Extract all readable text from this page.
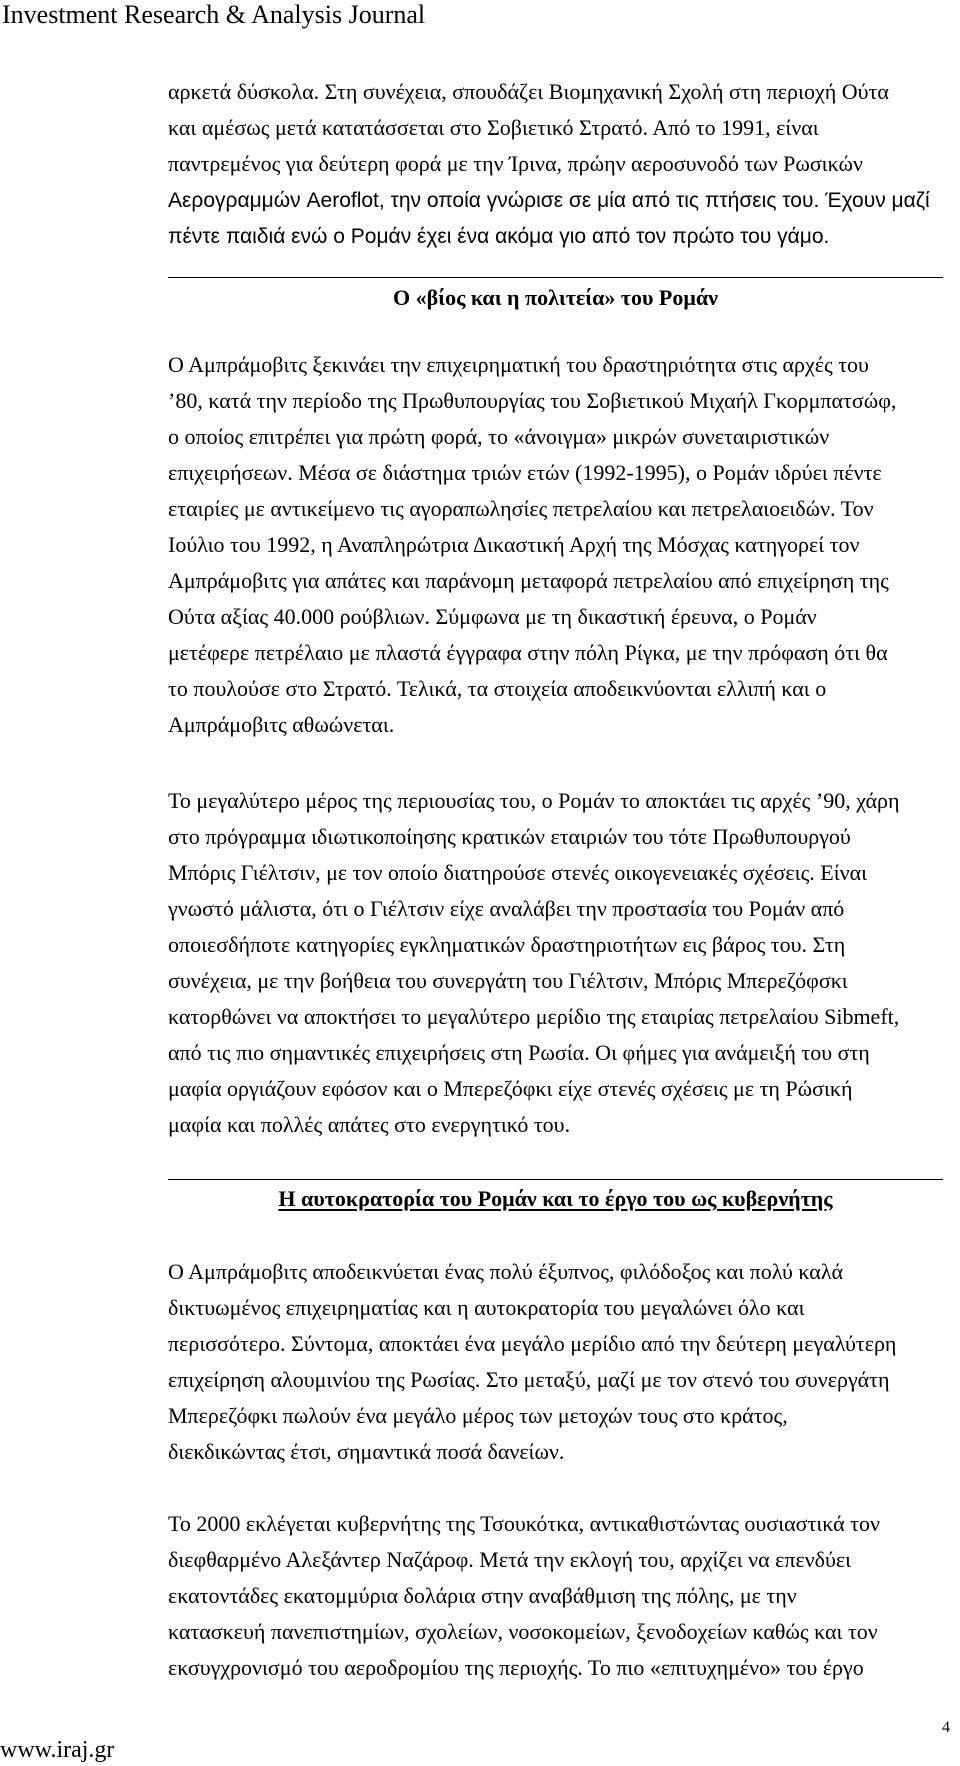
Investment Research & Analysis Journal
αρκετά δύσκολα. Στη συνέχεια, σπουδάζει Βιομηχανική Σχολή στη περιοχή Ούτα
και αμέσως μετά κατατάσσεται στο Σοβιετικό Στρατό. Από το 1991, είναι
παντρεμένος για δεύτερη φορά με την Ίρινα, πρώην αεροσυνοδό των Ρωσικών
Αερογραμμών Aeroflot, την οποία γνώρισε σε μία από τις πτήσεις του. Έχουν μαζί
πέντε παιδιά ενώ ο Ρομάν έχει ένα ακόμα γιο από τον πρώτο του γάμο.
Ο «βίος και η πολιτεία» του Ρομάν
Ο Αμπράμοβιτς ξεκινάει την επιχειρηματική του δραστηριότητα στις αρχές του
’80, κατά την περίοδο της Πρωθυπουργίας του Σοβιετικού Μιχαήλ Γκορμπατσώφ,
ο οποίος επιτρέπει για πρώτη φορά, το «άνοιγμα» μικρών συνεταιριστικών
επιχειρήσεων. Μέσα σε διάστημα τριών ετών (1992-1995), ο Ρομάν ιδρύει πέντε
εταιρίες με αντικείμενο τις αγοραπωλησίες πετρελαίου και πετρελαιοειδών. Τον
Ιούλιο του 1992, η Αναπληρώτρια Δικαστική Αρχή της Μόσχας κατηγορεί τον
Αμπράμοβιτς για απάτες και παράνομη μεταφορά πετρελαίου από επιχείρηση της
Ούτα αξίας 40.000 ρούβλιων. Σύμφωνα με τη δικαστική έρευνα, ο Ρομάν
μετέφερε πετρέλαιο με πλαστά έγγραφα στην πόλη Ρίγκα, με την πρόφαση ότι θα
το πουλούσε στο Στρατό. Τελικά, τα στοιχεία αποδεικνύονται ελλιπή και ο
Αμπράμοβιτς αθωώνεται.
Το μεγαλύτερο μέρος της περιουσίας του, ο Ρομάν το αποκτάει τις αρχές ’90, χάρη
στο πρόγραμμα ιδιωτικοποίησης κρατικών εταιριών του τότε Πρωθυπουργού
Μπόρις Γιέλτσιν, με τον οποίο διατηρούσε στενές οικογενειακές σχέσεις. Είναι
γνωστό μάλιστα, ότι ο Γιέλτσιν είχε αναλάβει την προστασία του Ρομάν από
οποιεσδήποτε κατηγορίες εγκληματικών δραστηριοτήτων εις βάρος του. Στη
συνέχεια, με την βοήθεια του συνεργάτη του Γιέλτσιν, Μπόρις Μπερεζόφσκι
κατορθώνει να αποκτήσει το μεγαλύτερο μερίδιο της εταιρίας πετρελαίου Sibmeft,
από τις πιο σημαντικές επιχειρήσεις στη Ρωσία. Οι φήμες για ανάμειξή του στη
μαφία οργιάζουν εφόσον και ο Μπερεζόφκι είχε στενές σχέσεις με τη Ρώσική
μαφία και πολλές απάτες στο ενεργητικό του.
Η αυτοκρατορία του Ρομάν και το έργο του ως κυβερνήτης
Ο Αμπράμοβιτς αποδεικνύεται ένας πολύ έξυπνος, φιλόδοξος και πολύ καλά
δικτυωμένος επιχειρηματίας και η αυτοκρατορία του μεγαλώνει όλο και
περισσότερο. Σύντομα, αποκτάει ένα μεγάλο μερίδιο από την δεύτερη μεγαλύτερη
επιχείρηση αλουμινίου της Ρωσίας. Στο μεταξύ, μαζί με τον στενό του συνεργάτη
Μπερεζόφκι πωλούν ένα μεγάλο μέρος των μετοχών τους στο κράτος,
διεκδικώντας έτσι, σημαντικά ποσά δανείων.
Το 2000 εκλέγεται κυβερνήτης της Τσουκότκα, αντικαθιστώντας ουσιαστικά τον
διεφθαρμένο Αλεξάντερ Ναζάροφ. Μετά την εκλογή του, αρχίζει να επενδύει
εκατοντάδες εκατομμύρια δολάρια στην αναβάθμιση της πόλης, με την
κατασκευή πανεπιστημίων, σχολείων, νοσοκομείων, ξενοδοχείων καθώς και τον
εκσυγχρονισμό του αεροδρομίου της περιοχής. Το πιο «επιτυχημένο» του έργο
4
www.iraj.gr
